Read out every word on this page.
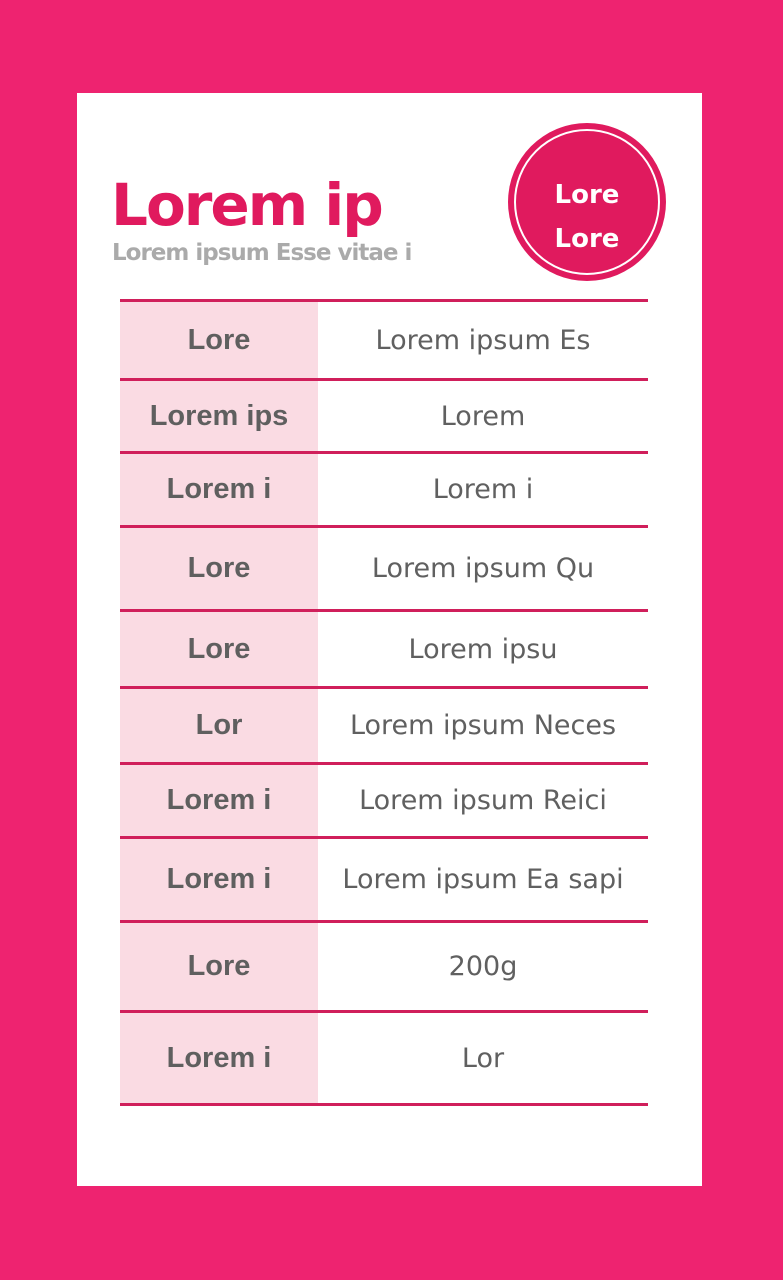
Lorem ip

Lorem ipsum Esse vitae i

Lore
Lore
Lore	Lorem ipsum Es
Lorem ips	Lorem
Lorem i	Lorem i
Lore	Lorem ipsum Qu
Lore	Lorem ipsu
Lor	Lorem ipsum Neces
Lorem i	Lorem ipsum Reici
Lorem i	Lorem ipsum Ea sapi
Lore	200g
Lorem i	Lor
